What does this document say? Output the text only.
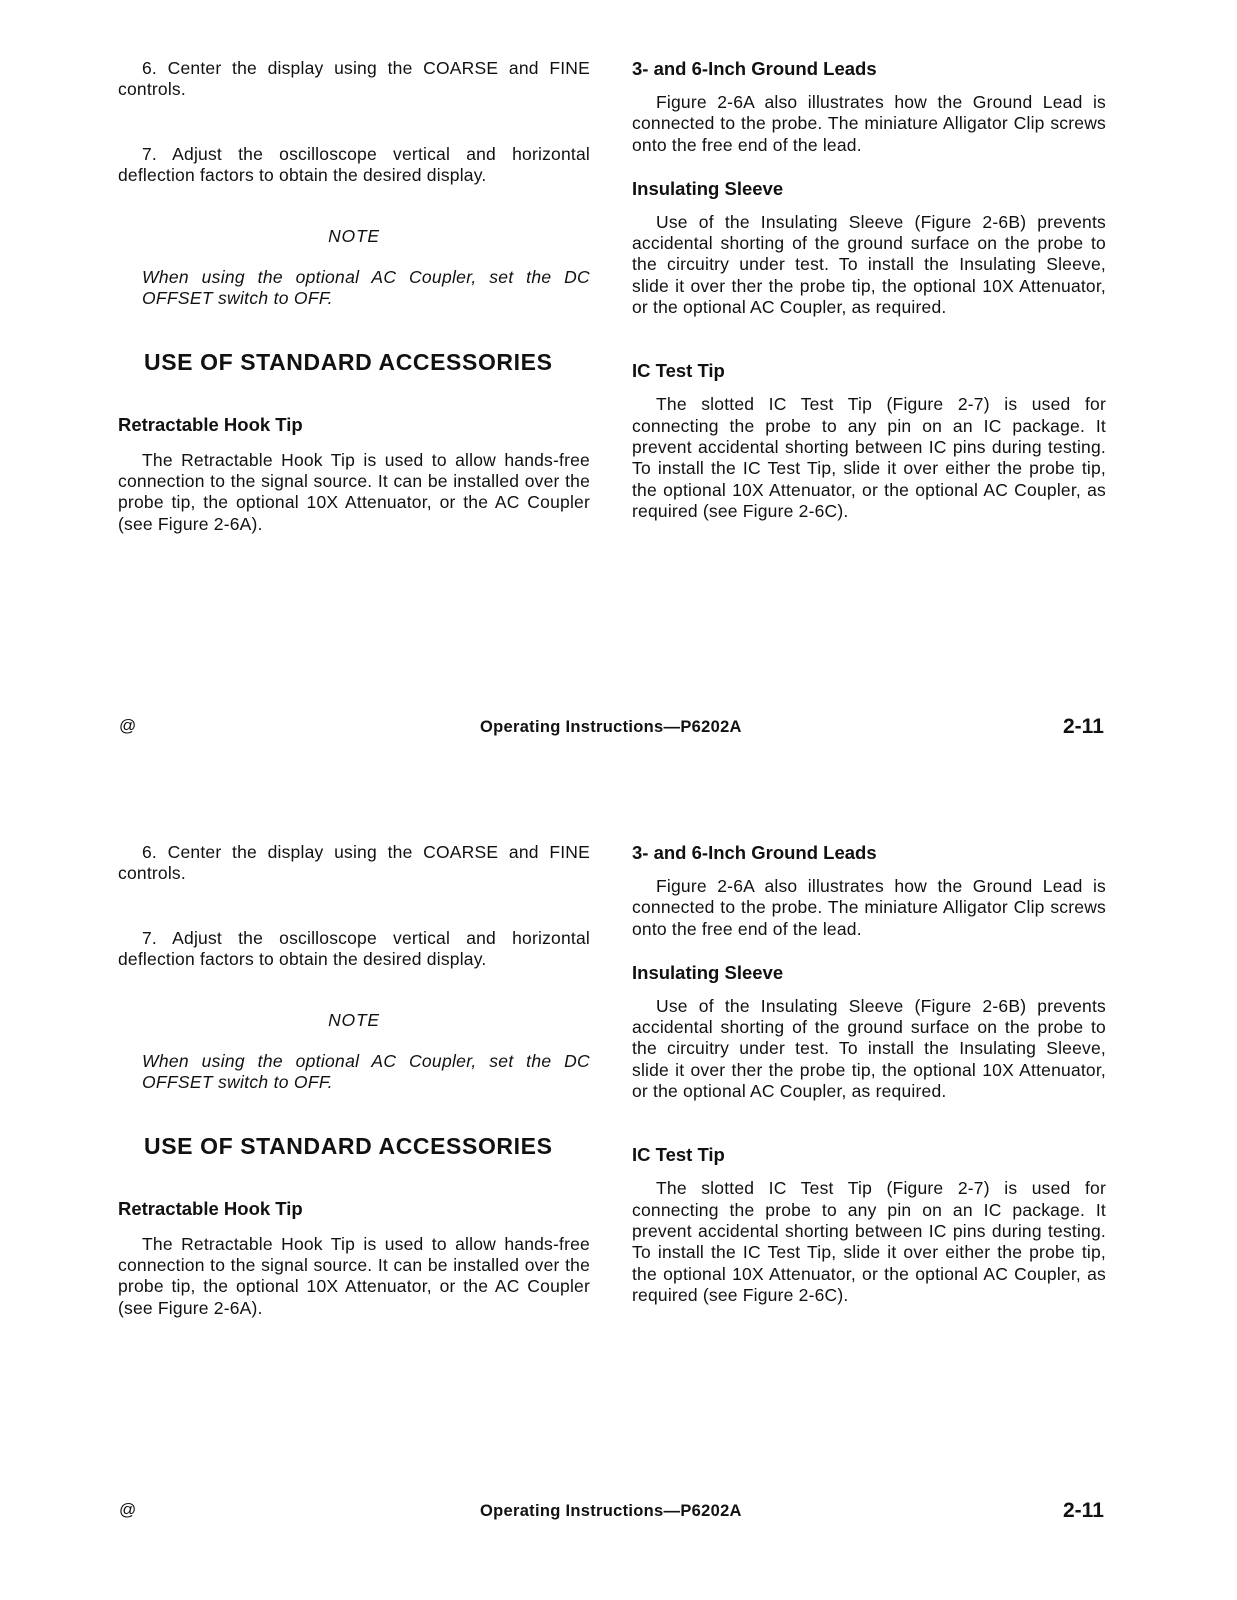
6. Center the display using the COARSE and FINE controls.

7. Adjust the oscilloscope vertical and horizontal deflection factors to obtain the desired display.

NOTE
When using the optional AC Coupler, set the DC OFFSET switch to OFF.
USE OF STANDARD ACCESSORIES
Retractable Hook Tip

The Retractable Hook Tip is used to allow hands-free connection to the signal source. It can be installed over the probe tip, the optional 10X Attenuator, or the AC Coupler (see Figure 2-6A).

3- and 6-Inch Ground Leads

Figure 2-6A also illustrates how the Ground Lead is connected to the probe. The miniature Alligator Clip screws onto the free end of the lead.

Insulating Sleeve

Use of the Insulating Sleeve (Figure 2-6B) prevents accidental shorting of the ground surface on the probe to the circuitry under test. To install the Insulating Sleeve, slide it over ther the probe tip, the optional 10X Attenuator, or the optional AC Coupler, as required.

IC Test Tip

The slotted IC Test Tip (Figure 2-7) is used for connecting the probe to any pin on an IC package. It prevent accidental shorting between IC pins during testing. To install the IC Test Tip, slide it over either the probe tip, the optional 10X Attenuator, or the optional AC Coupler, as required (see Figure 2-6C).

@	Operating Instructions—P6202A	2-11

6. Center the display using the COARSE and FINE controls.

7. Adjust the oscilloscope vertical and horizontal deflection factors to obtain the desired display.

NOTE
When using the optional AC Coupler, set the DC OFFSET switch to OFF.
USE OF STANDARD ACCESSORIES
Retractable Hook Tip

The Retractable Hook Tip is used to allow hands-free connection to the signal source. It can be installed over the probe tip, the optional 10X Attenuator, or the AC Coupler (see Figure 2-6A).

3- and 6-Inch Ground Leads

Figure 2-6A also illustrates how the Ground Lead is connected to the probe. The miniature Alligator Clip screws onto the free end of the lead.

Insulating Sleeve

Use of the Insulating Sleeve (Figure 2-6B) prevents accidental shorting of the ground surface on the probe to the circuitry under test. To install the Insulating Sleeve, slide it over ther the probe tip, the optional 10X Attenuator, or the optional AC Coupler, as required.

IC Test Tip

The slotted IC Test Tip (Figure 2-7) is used for connecting the probe to any pin on an IC package. It prevent accidental shorting between IC pins during testing. To install the IC Test Tip, slide it over either the probe tip, the optional 10X Attenuator, or the optional AC Coupler, as required (see Figure 2-6C).

@	Operating Instructions—P6202A	2-11
